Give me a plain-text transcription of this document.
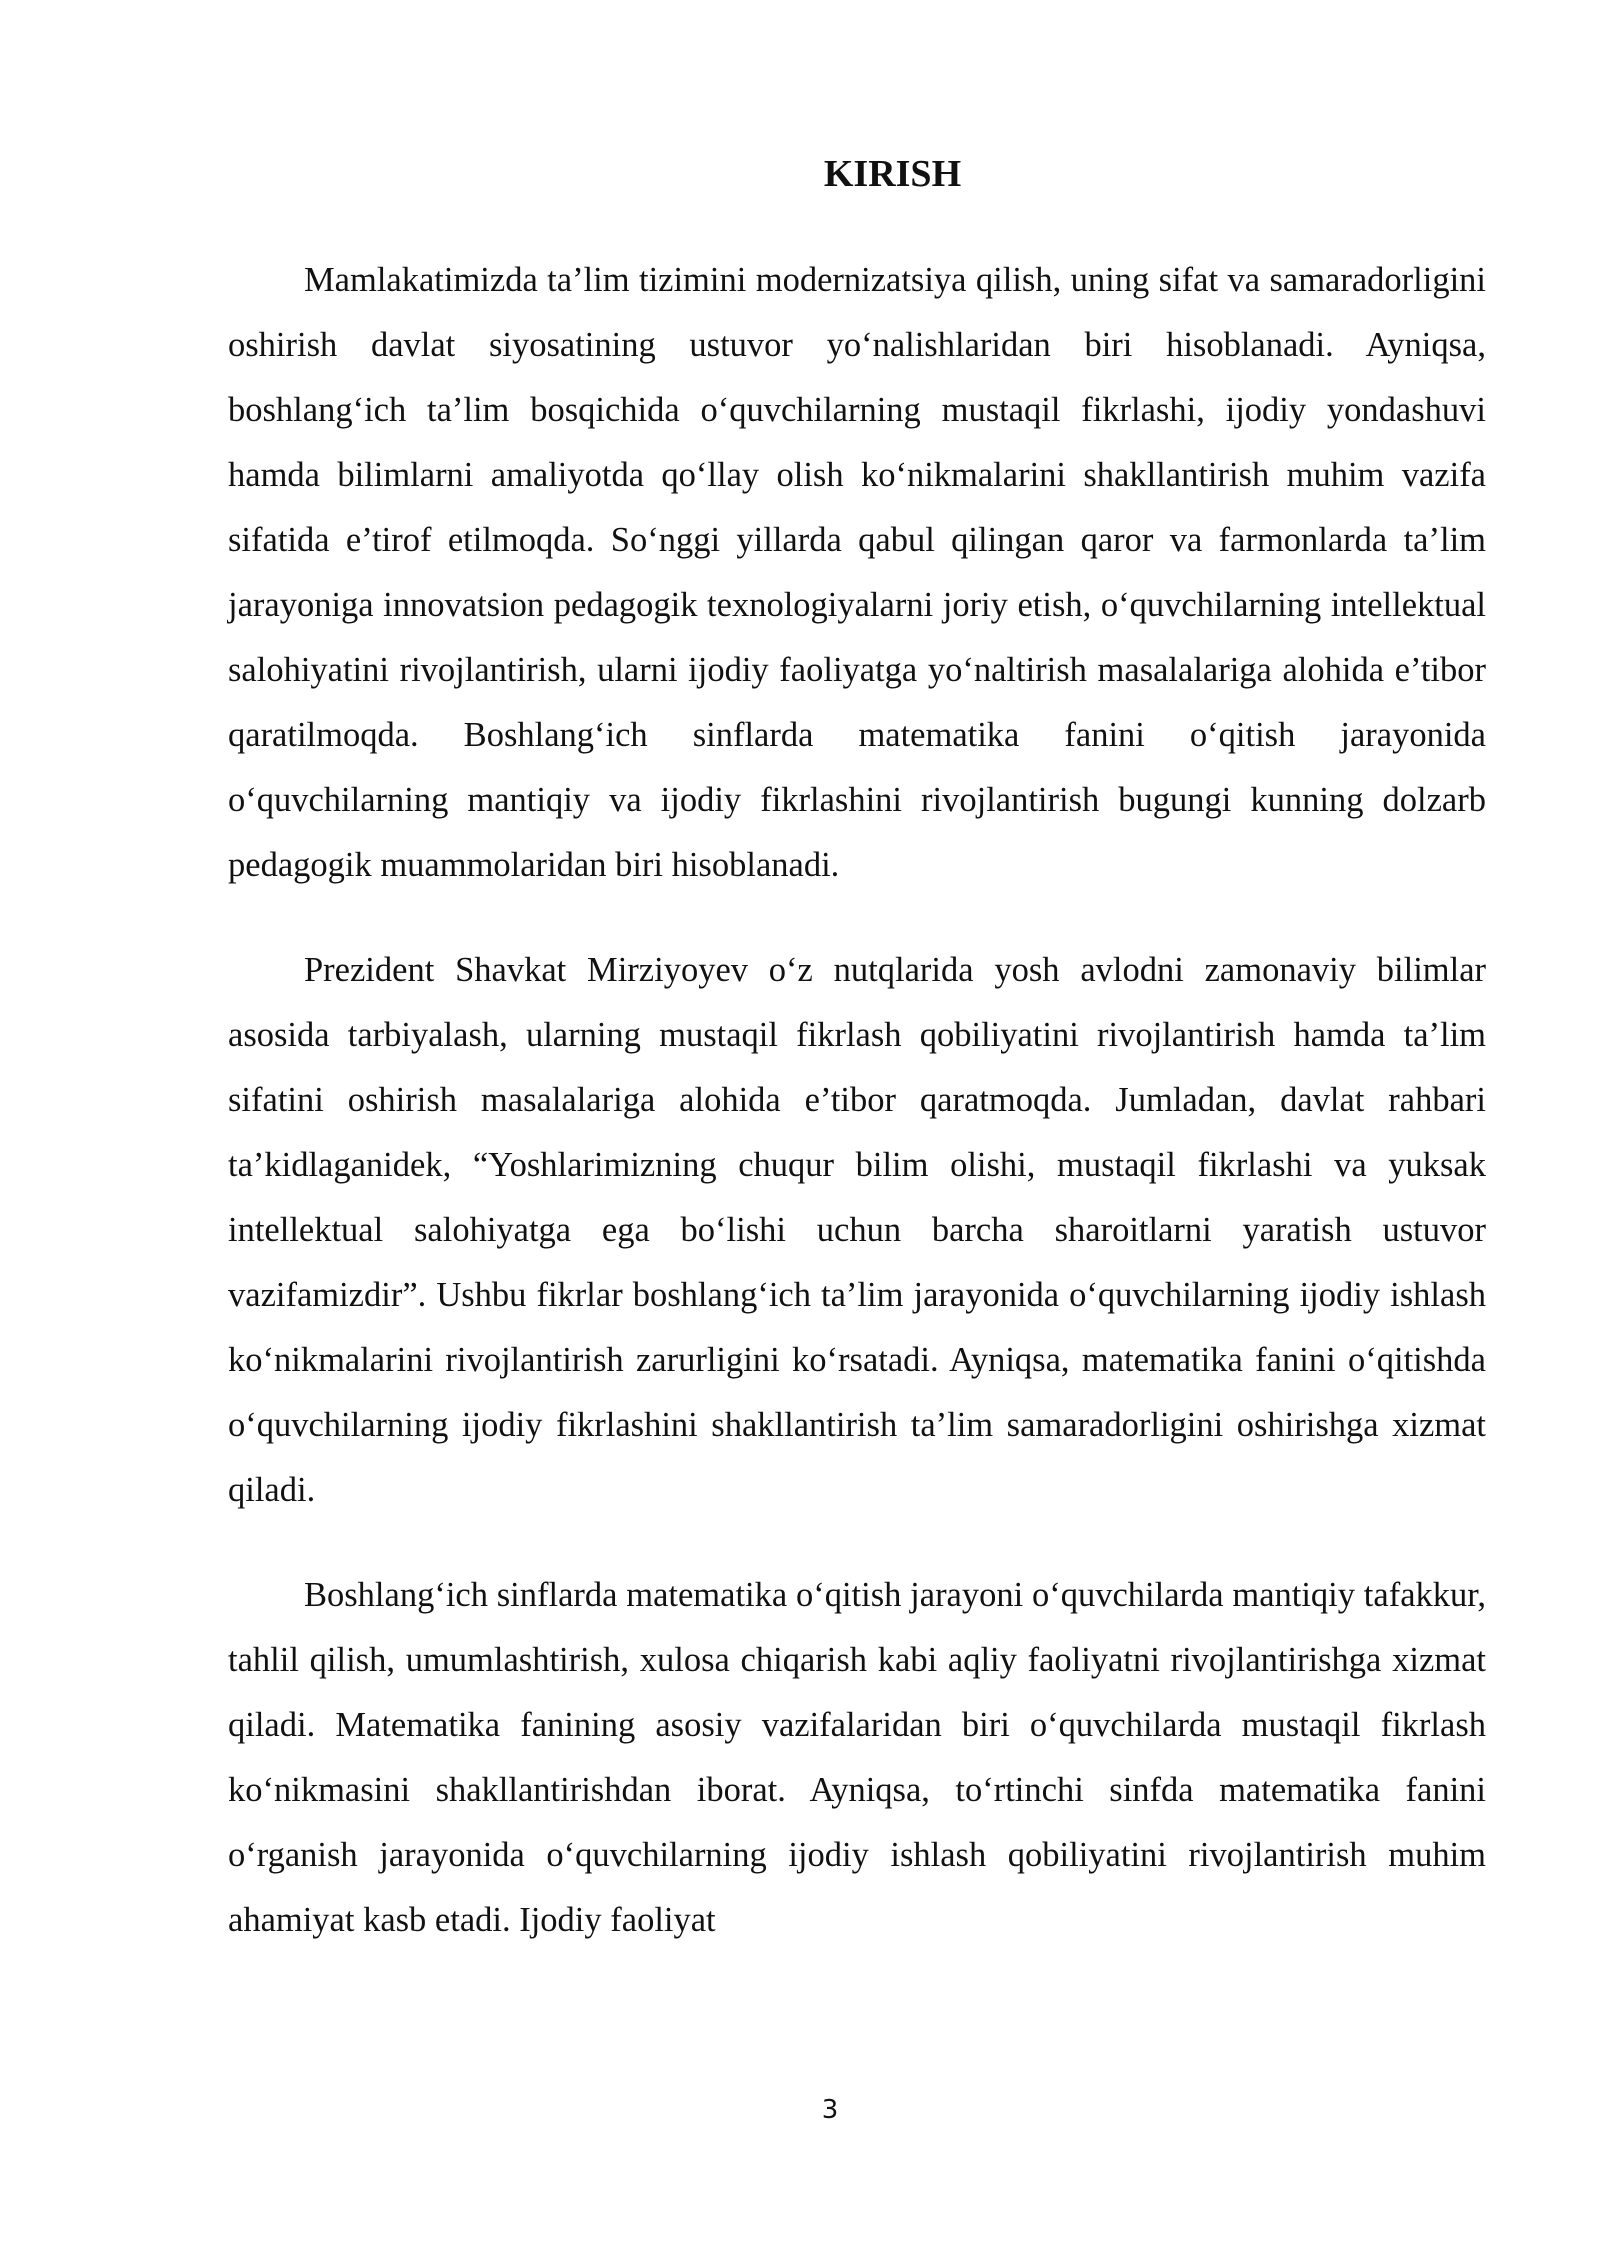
KIRISH

Mamlakatimizda ta’lim tizimini modernizatsiya qilish, uning sifat va samaradorligini oshirish davlat siyosatining ustuvor yo‘nalishlaridan biri hisoblanadi. Ayniqsa, boshlang‘ich ta’lim bosqichida o‘quvchilarning mustaqil fikrlashi, ijodiy yondashuvi hamda bilimlarni amaliyotda qo‘llay olish ko‘nikmalarini shakllantirish muhim vazifa sifatida e’tirof etilmoqda. So‘nggi yillarda qabul qilingan qaror va farmonlarda ta’lim jarayoniga innovatsion pedagogik texnologiyalarni joriy etish, o‘quvchilarning intellektual salohiyatini rivojlantirish, ularni ijodiy faoliyatga yo‘naltirish masalalariga alohida e’tibor qaratilmoqda. Boshlang‘ich sinflarda matematika fanini o‘qitish jarayonida o‘quvchilarning mantiqiy va ijodiy fikrlashini rivojlantirish bugungi kunning dolzarb pedagogik muammolaridan biri hisoblanadi.

Prezident Shavkat Mirziyoyev o‘z nutqlarida yosh avlodni zamonaviy bilimlar asosida tarbiyalash, ularning mustaqil fikrlash qobiliyatini rivojlantirish hamda ta’lim sifatini oshirish masalalariga alohida e’tibor qaratmoqda. Jumladan, davlat rahbari ta’kidlaganidek, “Yoshlarimizning chuqur bilim olishi, mustaqil fikrlashi va yuksak intellektual salohiyatga ega bo‘lishi uchun barcha sharoitlarni yaratish ustuvor vazifamizdir”. Ushbu fikrlar boshlang‘ich ta’lim jarayonida o‘quvchilarning ijodiy ishlash ko‘nikmalarini rivojlantirish zarurligini ko‘rsatadi. Ayniqsa, matematika fanini o‘qitishda o‘quvchilarning ijodiy fikrlashini shakllantirish ta’lim samaradorligini oshirishga xizmat qiladi.

Boshlang‘ich sinflarda matematika o‘qitish jarayoni o‘quvchilarda mantiqiy tafakkur, tahlil qilish, umumlashtirish, xulosa chiqarish kabi aqliy faoliyatni rivojlantirishga xizmat qiladi. Matematika fanining asosiy vazifalaridan biri o‘quvchilarda mustaqil fikrlash ko‘nikmasini shakllantirishdan iborat. Ayniqsa, to‘rtinchi sinfda matematika fanini o‘rganish jarayonida o‘quvchilarning ijodiy ishlash qobiliyatini rivojlantirish muhim ahamiyat kasb etadi. Ijodiy faoliyat

3
